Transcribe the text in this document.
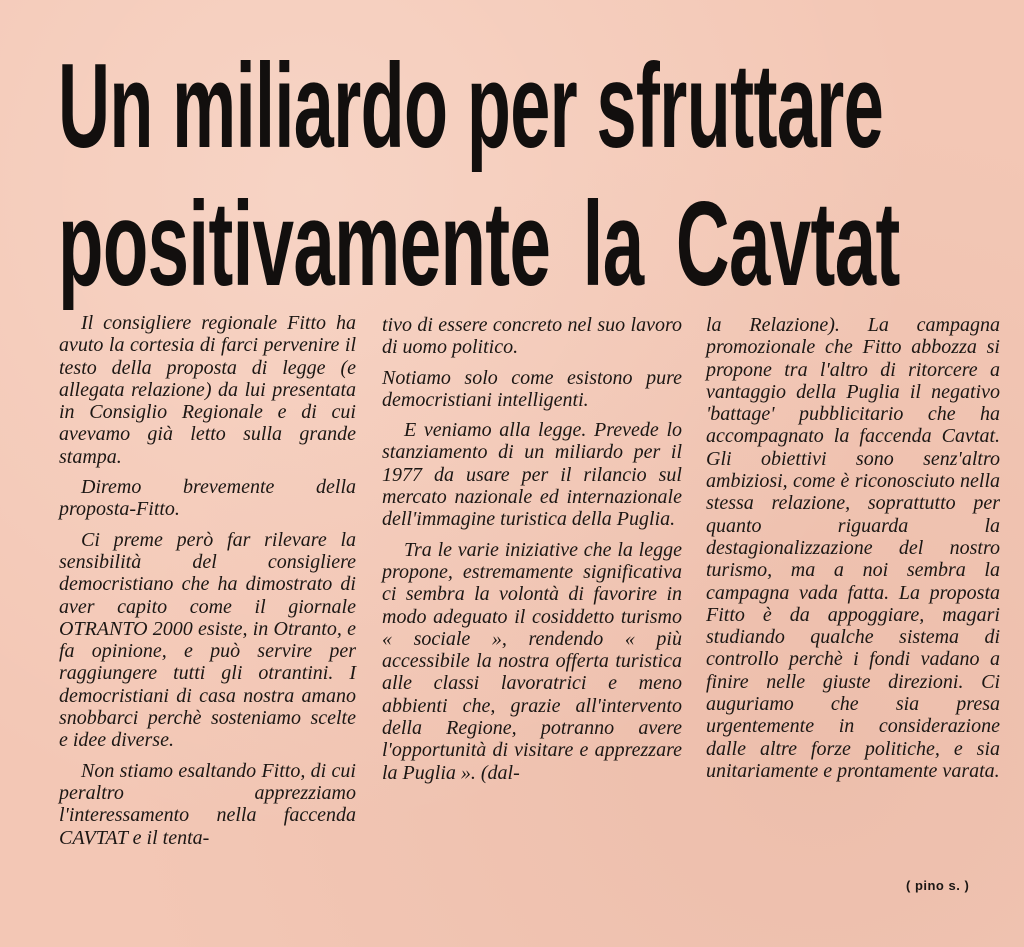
Un miliardo per sfruttare
positivamente la Cavtat

Il consigliere regionale Fitto ha avuto la cortesia di farci pervenire il testo della proposta di legge (e allegata relazione) da lui presentata in Consiglio Regionale e di cui avevamo già letto sulla grande stampa.

Diremo brevemente della proposta-Fitto.

Ci preme però far rilevare la sensibilità del consigliere democristiano che ha dimostrato di aver capito come il giornale OTRANTO 2000 esiste, in Otranto, e fa opinione, e può servire per raggiungere tutti gli otrantini. I democristiani di casa nostra amano snobbarci perchè sosteniamo scelte e idee diverse.

Non stiamo esaltando Fitto, di cui peraltro apprezziamo l'interessamento nella faccenda CAVTAT e il tenta-

tivo di essere concreto nel suo lavoro di uomo politico.

Notiamo solo come esistono pure democristiani intelligenti.

E veniamo alla legge. Prevede lo stanziamento di un miliardo per il 1977 da usare per il rilancio sul mercato nazionale ed internazionale dell'immagine turistica della Puglia.

Tra le varie iniziative che la legge propone, estremamente significativa ci sembra la volontà di favorire in modo adeguato il cosiddetto turismo « sociale », rendendo « più accessibile la nostra offerta turistica alle classi lavoratrici e meno abbienti che, grazie all'intervento della Regione, potranno avere l'opportunità di visitare e apprezzare la Puglia ». (dal-

la Relazione). La campagna promozionale che Fitto abbozza si propone tra l'altro di ritorcere a vantaggio della Puglia il negativo 'battage' pubblicitario che ha accompagnato la faccenda Cavtat. Gli obiettivi sono senz'altro ambiziosi, come è riconosciuto nella stessa relazione, soprattutto per quanto riguarda la destagionalizzazione del nostro turismo, ma a noi sembra la campagna vada fatta. La proposta Fitto è da appoggiare, magari studiando qualche sistema di controllo perchè i fondi vadano a finire nelle giuste direzioni. Ci auguriamo che sia presa urgentemente in considerazione dalle altre forze politiche, e sia unitariamente e prontamente varata.

( pino s. )
